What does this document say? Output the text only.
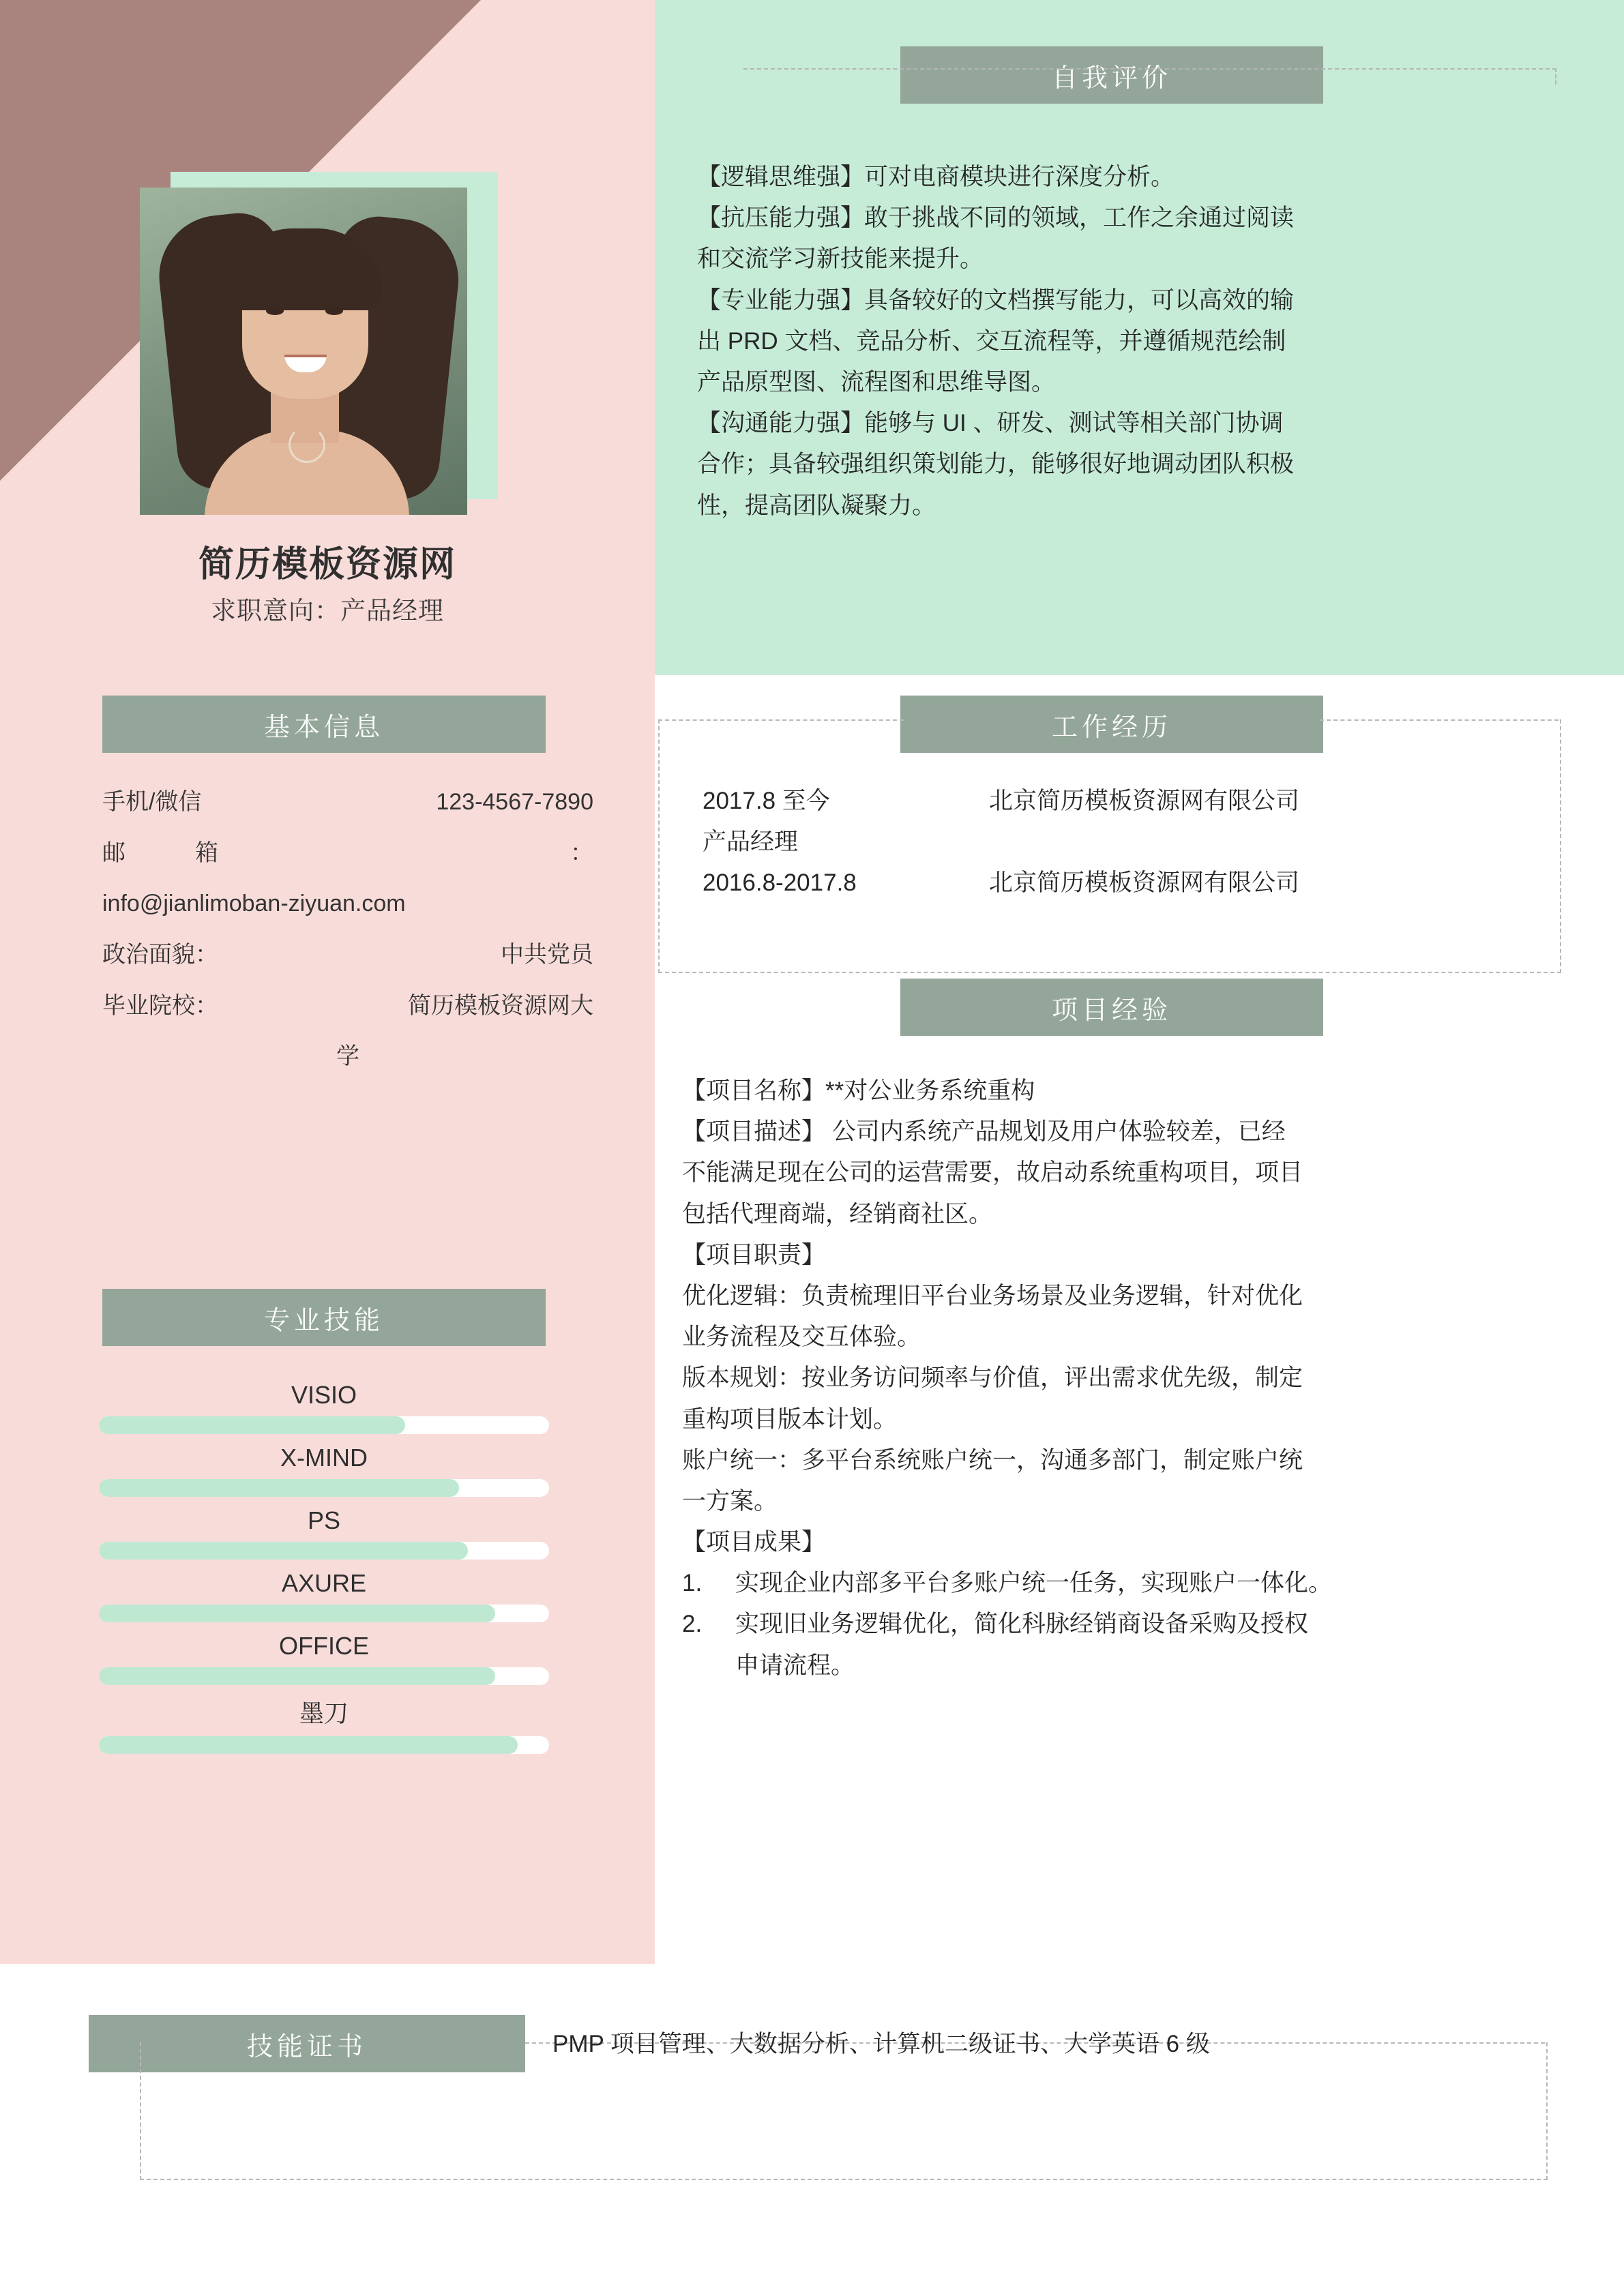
简历模板资源网
求职意向：产品经理
基本信息
专业技能
技能证书
自我评价
工作经历
项目经验
手机/微信	123-4567-7890
邮　　　箱	：
info@jianlimoban-ziyuan.com
政治面貌：	中共党员
毕业院校：	简历模板资源网大
学
VISIO
X-MIND
PS
AXURE
OFFICE
墨刀

【逻辑思维强】可对电商模块进行深度分析。

【抗压能力强】敢于挑战不同的领域，工作之余通过阅读

和交流学习新技能来提升。

【专业能力强】具备较好的文档撰写能力，可以高效的输

出 PRD 文档、竞品分析、交互流程等，并遵循规范绘制

产品原型图、流程图和思维导图。

【沟通能力强】能够与 UI 、研发、测试等相关部门协调

合作；具备较强组织策划能力，能够很好地调动团队积极

性，提高团队凝聚力。

2017.8 至今	北京简历模板资源网有限公司

产品经理

2016.8-2017.8	北京简历模板资源网有限公司

【项目名称】**对公业务系统重构

【项目描述】 公司内系统产品规划及用户体验较差，已经

不能满足现在公司的运营需要，故启动系统重构项目，项目

包括代理商端，经销商社区。

【项目职责】

优化逻辑：负责梳理旧平台业务场景及业务逻辑，针对优化

业务流程及交互体验。

版本规划：按业务访问频率与价值，评出需求优先级，制定

重构项目版本计划。

账户统一：多平台系统账户统一，沟通多部门，制定账户统

一方案。

【项目成果】

1.	实现企业内部多平台多账户统一任务，实现账户一体化。
2.	实现旧业务逻辑优化，简化科脉经销商设备采购及授权
申请流程。
PMP 项目管理、大数据分析、计算机二级证书、大学英语 6 级
